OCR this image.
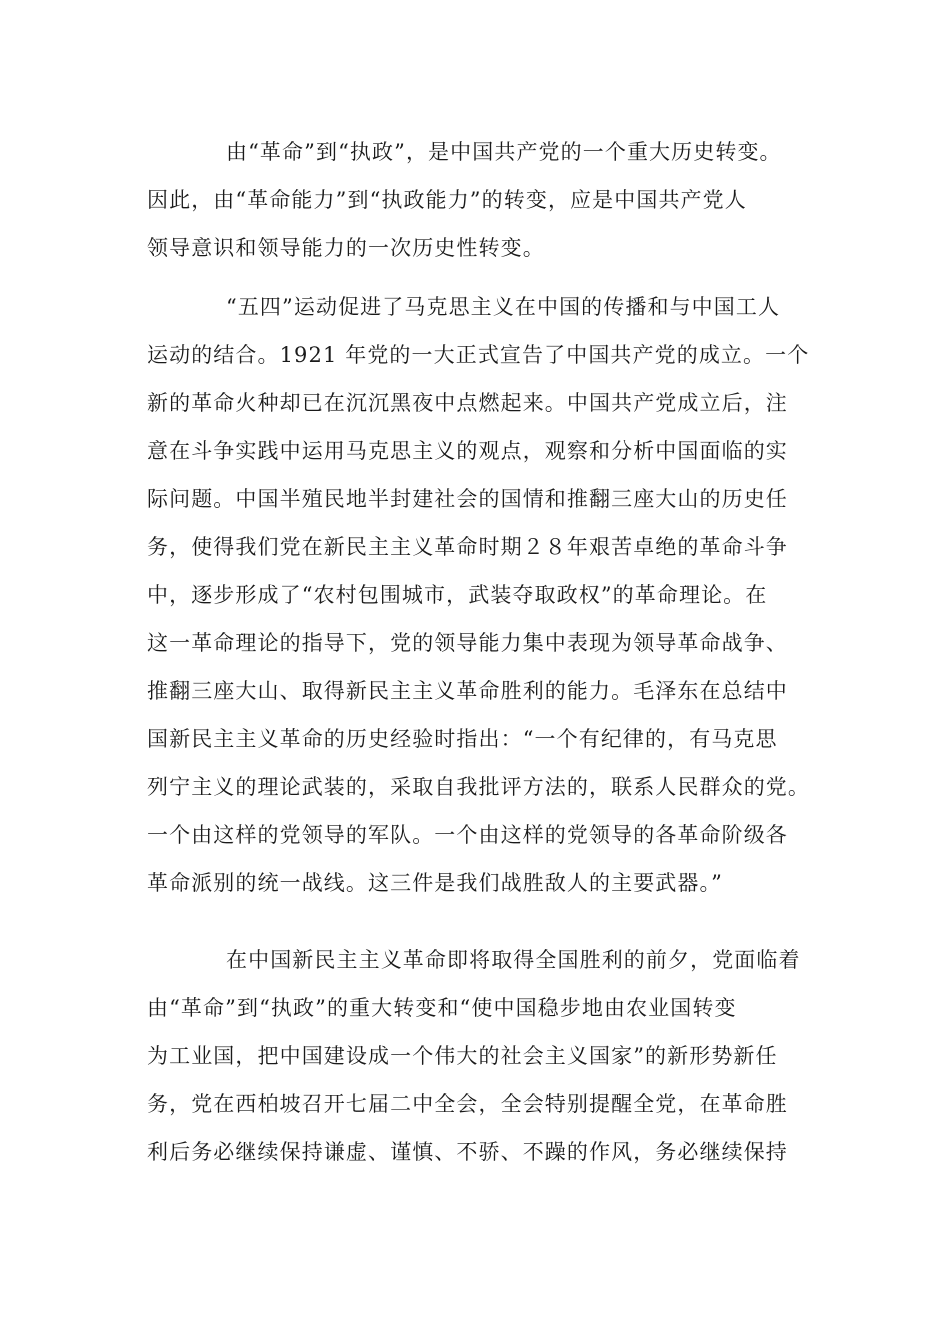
由“革命”到“执政”，是中国共产党的一个重大历史转变。
因此，由“革命能力”到“执政能力”的转变，应是中国共产党人
领导意识和领导能力的一次历史性转变。
“五四”运动促进了马克思主义在中国的传播和与中国工人
运动的结合。1921 年党的一大正式宣告了中国共产党的成立。一个
新的革命火种却已在沉沉黑夜中点燃起来。中国共产党成立后，注
意在斗争实践中运用马克思主义的观点，观察和分析中国面临的实
际问题。中国半殖民地半封建社会的国情和推翻三座大山的历史任
务，使得我们党在新民主主义革命时期２８年艰苦卓绝的革命斗争
中，逐步形成了“农村包围城市，武装夺取政权”的革命理论。在
这一革命理论的指导下，党的领导能力集中表现为领导革命战争、
推翻三座大山、取得新民主主义革命胜利的能力。毛泽东在总结中
国新民主主义革命的历史经验时指出：“一个有纪律的，有马克思
列宁主义的理论武装的，采取自我批评方法的，联系人民群众的党。
一个由这样的党领导的军队。一个由这样的党领导的各革命阶级各
革命派别的统一战线。这三件是我们战胜敌人的主要武器。”
在中国新民主主义革命即将取得全国胜利的前夕，党面临着
由“革命”到“执政”的重大转变和“使中国稳步地由农业国转变
为工业国，把中国建设成一个伟大的社会主义国家”的新形势新任
务，党在西柏坡召开七届二中全会，全会特别提醒全党，在革命胜
利后务必继续保持谦虚、谨慎、不骄、不躁的作风，务必继续保持
